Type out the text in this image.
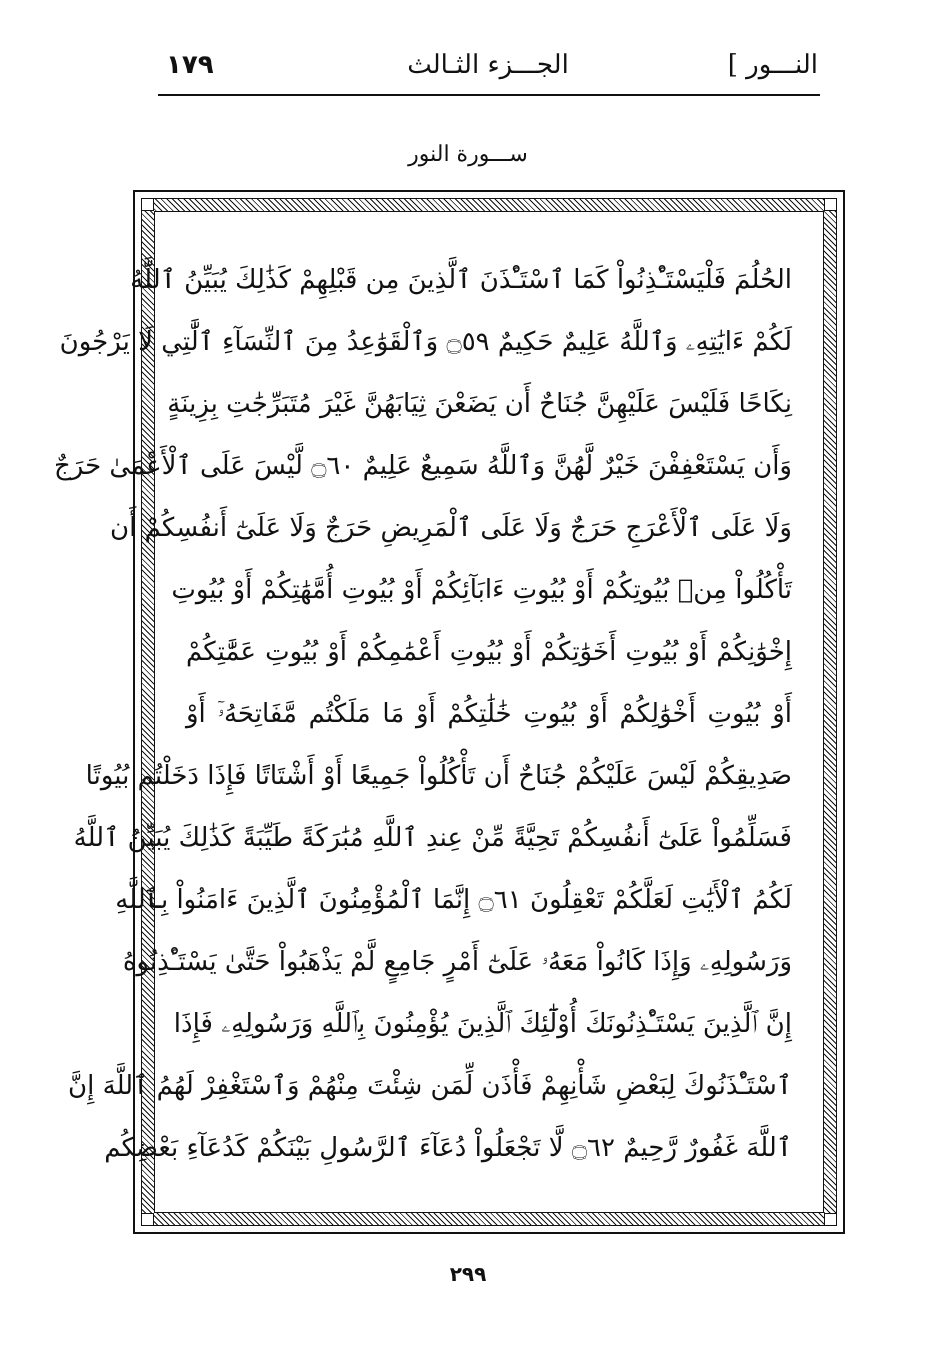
١٧٩	الجـــزء الثـالث	النـــور ]
ســـورة النور
الحُلُمَ فَلْيَسْتَـْٔذِنُواْ كَمَا ٱسْتَـْٔذَنَ ٱلَّذِينَ مِن قَبْلِهِمْ كَذَٰلِكَ يُبَيِّنُ ٱللَّهُ
لَكُمْ ءَايَٰتِهِۦ وَٱللَّهُ عَلِيمٌ حَكِيمٌ ۝٥٩ وَٱلْقَوَٰعِدُ مِنَ ٱلنِّسَآءِ ٱلَّٰتِي لَا يَرْجُونَ
نِكَاحًا فَلَيْسَ عَلَيْهِنَّ جُنَاحٌ أَن يَضَعْنَ ثِيَابَهُنَّ غَيْرَ مُتَبَرِّجَٰتِ بِزِينَةٍ
وَأَن يَسْتَعْفِفْنَ خَيْرٌ لَّهُنَّ وَٱللَّهُ سَمِيعٌ عَلِيمٌ ۝٦٠ لَّيْسَ عَلَى ٱلْأَعْمَىٰ حَرَجٌ
وَلَا عَلَى ٱلْأَعْرَجِ حَرَجٌ وَلَا عَلَى ٱلْمَرِيضِ حَرَجٌ وَلَا عَلَىٰٓ أَنفُسِكُمْ أَن
تَأْكُلُواْ مِنۢ بُيُوتِكُمْ أَوْ بُيُوتِ ءَابَآئِكُمْ أَوْ بُيُوتِ أُمَّهَٰتِكُمْ أَوْ بُيُوتِ
إِخْوَٰنِكُمْ أَوْ بُيُوتِ أَخَوَٰتِكُمْ أَوْ بُيُوتِ أَعْمَٰمِكُمْ أَوْ بُيُوتِ عَمَّٰتِكُمْ
أَوْ بُيُوتِ أَخْوَٰلِكُمْ أَوْ بُيُوتِ خَٰلَٰتِكُمْ أَوْ مَا مَلَكْتُم مَّفَاتِحَهُۥٓ أَوْ
صَدِيقِكُمْ لَيْسَ عَلَيْكُمْ جُنَاحٌ أَن تَأْكُلُواْ جَمِيعًا أَوْ أَشْتَاتًا فَإِذَا دَخَلْتُم بُيُوتًا
فَسَلِّمُواْ عَلَىٰٓ أَنفُسِكُمْ تَحِيَّةً مِّنْ عِندِ ٱللَّهِ مُبَٰرَكَةً طَيِّبَةً كَذَٰلِكَ يُبَيِّنُ ٱللَّهُ
لَكُمُ ٱلْأَيَٰتِ لَعَلَّكُمْ تَعْقِلُونَ ۝٦١ إِنَّمَا ٱلْمُؤْمِنُونَ ٱلَّذِينَ ءَامَنُواْ بِٱللَّهِ
وَرَسُولِهِۦ وَإِذَا كَانُواْ مَعَهُۥ عَلَىٰٓ أَمْرٍ جَامِعٍ لَّمْ يَذْهَبُواْ حَتَّىٰ يَسْتَـْٔذِنُوهُ
إِنَّ ٱلَّذِينَ يَسْتَـْٔذِنُونَكَ أُوْلَٰٓئِكَ ٱلَّذِينَ يُؤْمِنُونَ بِٱللَّهِ وَرَسُولِهِۦ فَإِذَا
ٱسْتَـْٔذَنُوكَ لِبَعْضِ شَأْنِهِمْ فَأْذَن لِّمَن شِئْتَ مِنْهُمْ وَٱسْتَغْفِرْ لَهُمُ ٱللَّهَ إِنَّ
ٱللَّهَ غَفُورٌ رَّحِيمٌ ۝٦٢ لَّا تَجْعَلُواْ دُعَآءَ ٱلرَّسُولِ بَيْنَكُمْ كَدُعَآءِ بَعْضِكُم
٢٩٩
